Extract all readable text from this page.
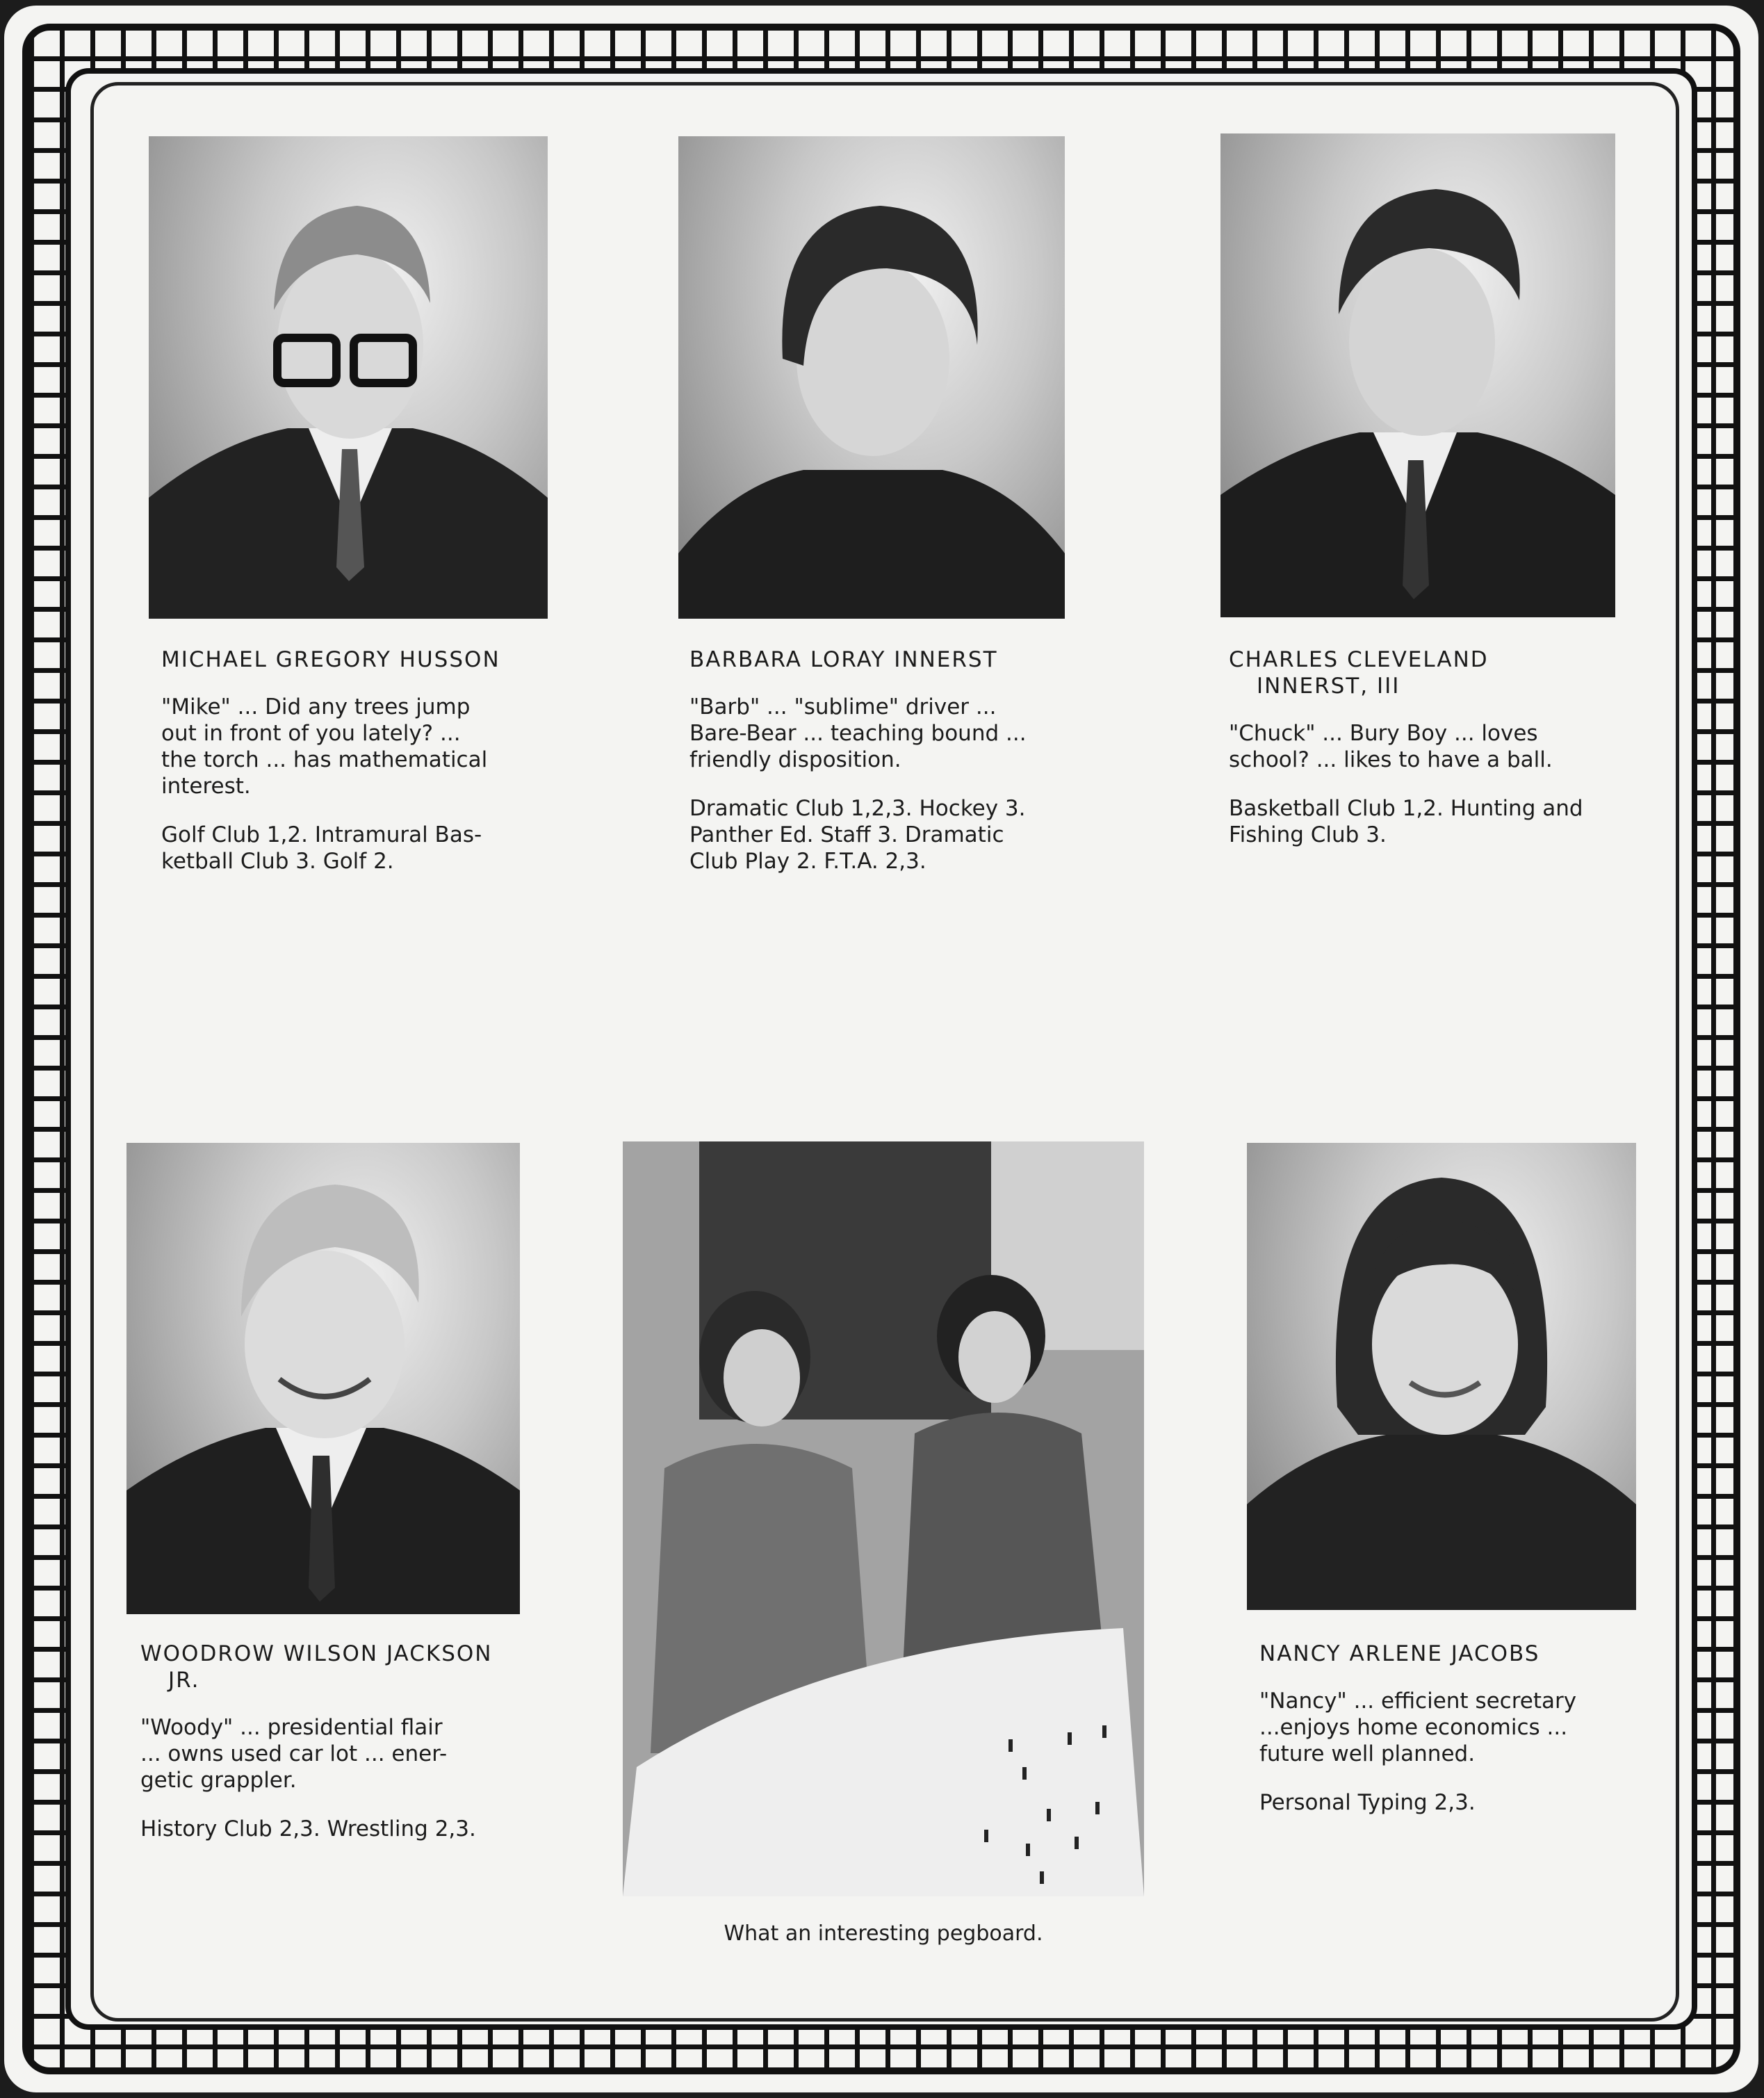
MICHAEL GREGORY HUSSON
"Mike" ... Did any trees jump
out in front of you lately? ...
the torch ... has mathematical
interest.
Golf Club 1,2. Intramural Bas-
ketball Club 3. Golf 2.
BARBARA LORAY INNERST
"Barb" ... "sublime" driver ...
Bare-Bear ... teaching bound ...
friendly disposition.
Dramatic Club 1,2,3. Hockey 3.
Panther Ed. Staff 3. Dramatic
Club Play 2. F.T.A. 2,3.
CHARLES CLEVELAND
INNERST, III
"Chuck" ... Bury Boy ... loves
school? ... likes to have a ball.
Basketball Club 1,2. Hunting and
Fishing Club 3.
WOODROW WILSON JACKSON
JR.
"Woody" ... presidential flair
... owns used car lot ... ener-
getic grappler.
History Club 2,3. Wrestling 2,3.
What an interesting pegboard.
NANCY ARLENE JACOBS
"Nancy" ... efficient secretary
...enjoys home economics ...
future well planned.
Personal Typing 2,3.
